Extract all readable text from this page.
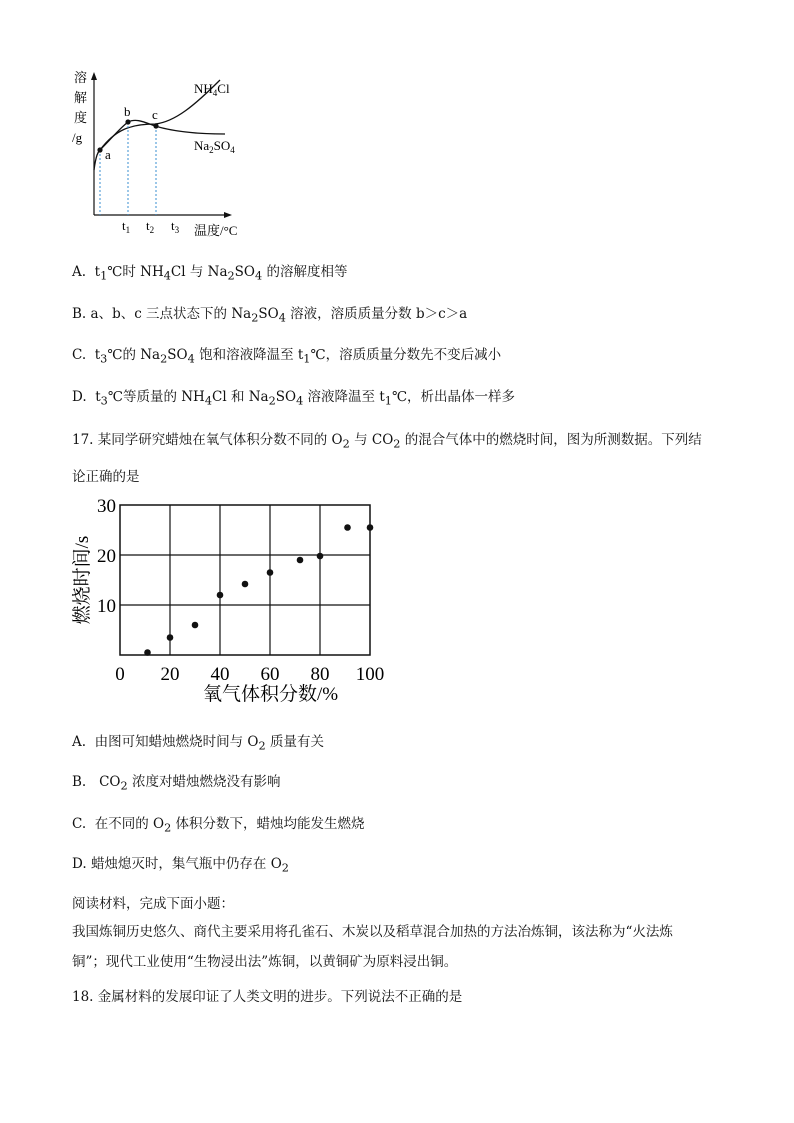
溶
解
度
/g
a
b c
$NH_4Cl$
$Na_2SO_4$
$t_1$ $t_2$ $t_3$ 温度/°C
A. $t_1℃$时 $NH_4Cl$ 与 $Na_2SO_4$ 的溶解度相等
B. a、b、c 三点状态下的 $Na_2SO_4$ 溶液，溶质质量分数 b＞c＞a
C. $t_3℃$的 $Na_2SO_4$ 饱和溶液降温至 $t_1℃$，溶质质量分数先不变后减小
D. $t_3℃$等质量的 $NH_4Cl$ 和 $Na_2SO_4$ 溶液降温至 $t_1℃$，析出晶体一样多
17. 某同学研究蜡烛在氧气体积分数不同的 $O_2$ 与 $CO_2$ 的混合气体中的燃烧时间，图为所测数据。下列结
论正确的是
燃烧时间/s
0 20 40 60 80 100
10
20
30
氧气体积分数/%
A. 由图可知蜡烛燃烧时间与 $O_2$ 质量有关
B. $CO_2$ 浓度对蜡烛燃烧没有影响
C. 在不同的 $O_2$ 体积分数下，蜡烛均能发生燃烧
D. 蜡烛熄灭时，集气瓶中仍存在 $O_2$
阅读材料，完成下面小题：
我国炼铜历史悠久、商代主要采用将孔雀石、木炭以及稻草混合加热的方法冶炼铜，该法称为“火法炼
铜”；现代工业使用“生物浸出法”炼铜，以黄铜矿为原料浸出铜。
18. 金属材料的发展印证了人类文明的进步。下列说法不正确的是
